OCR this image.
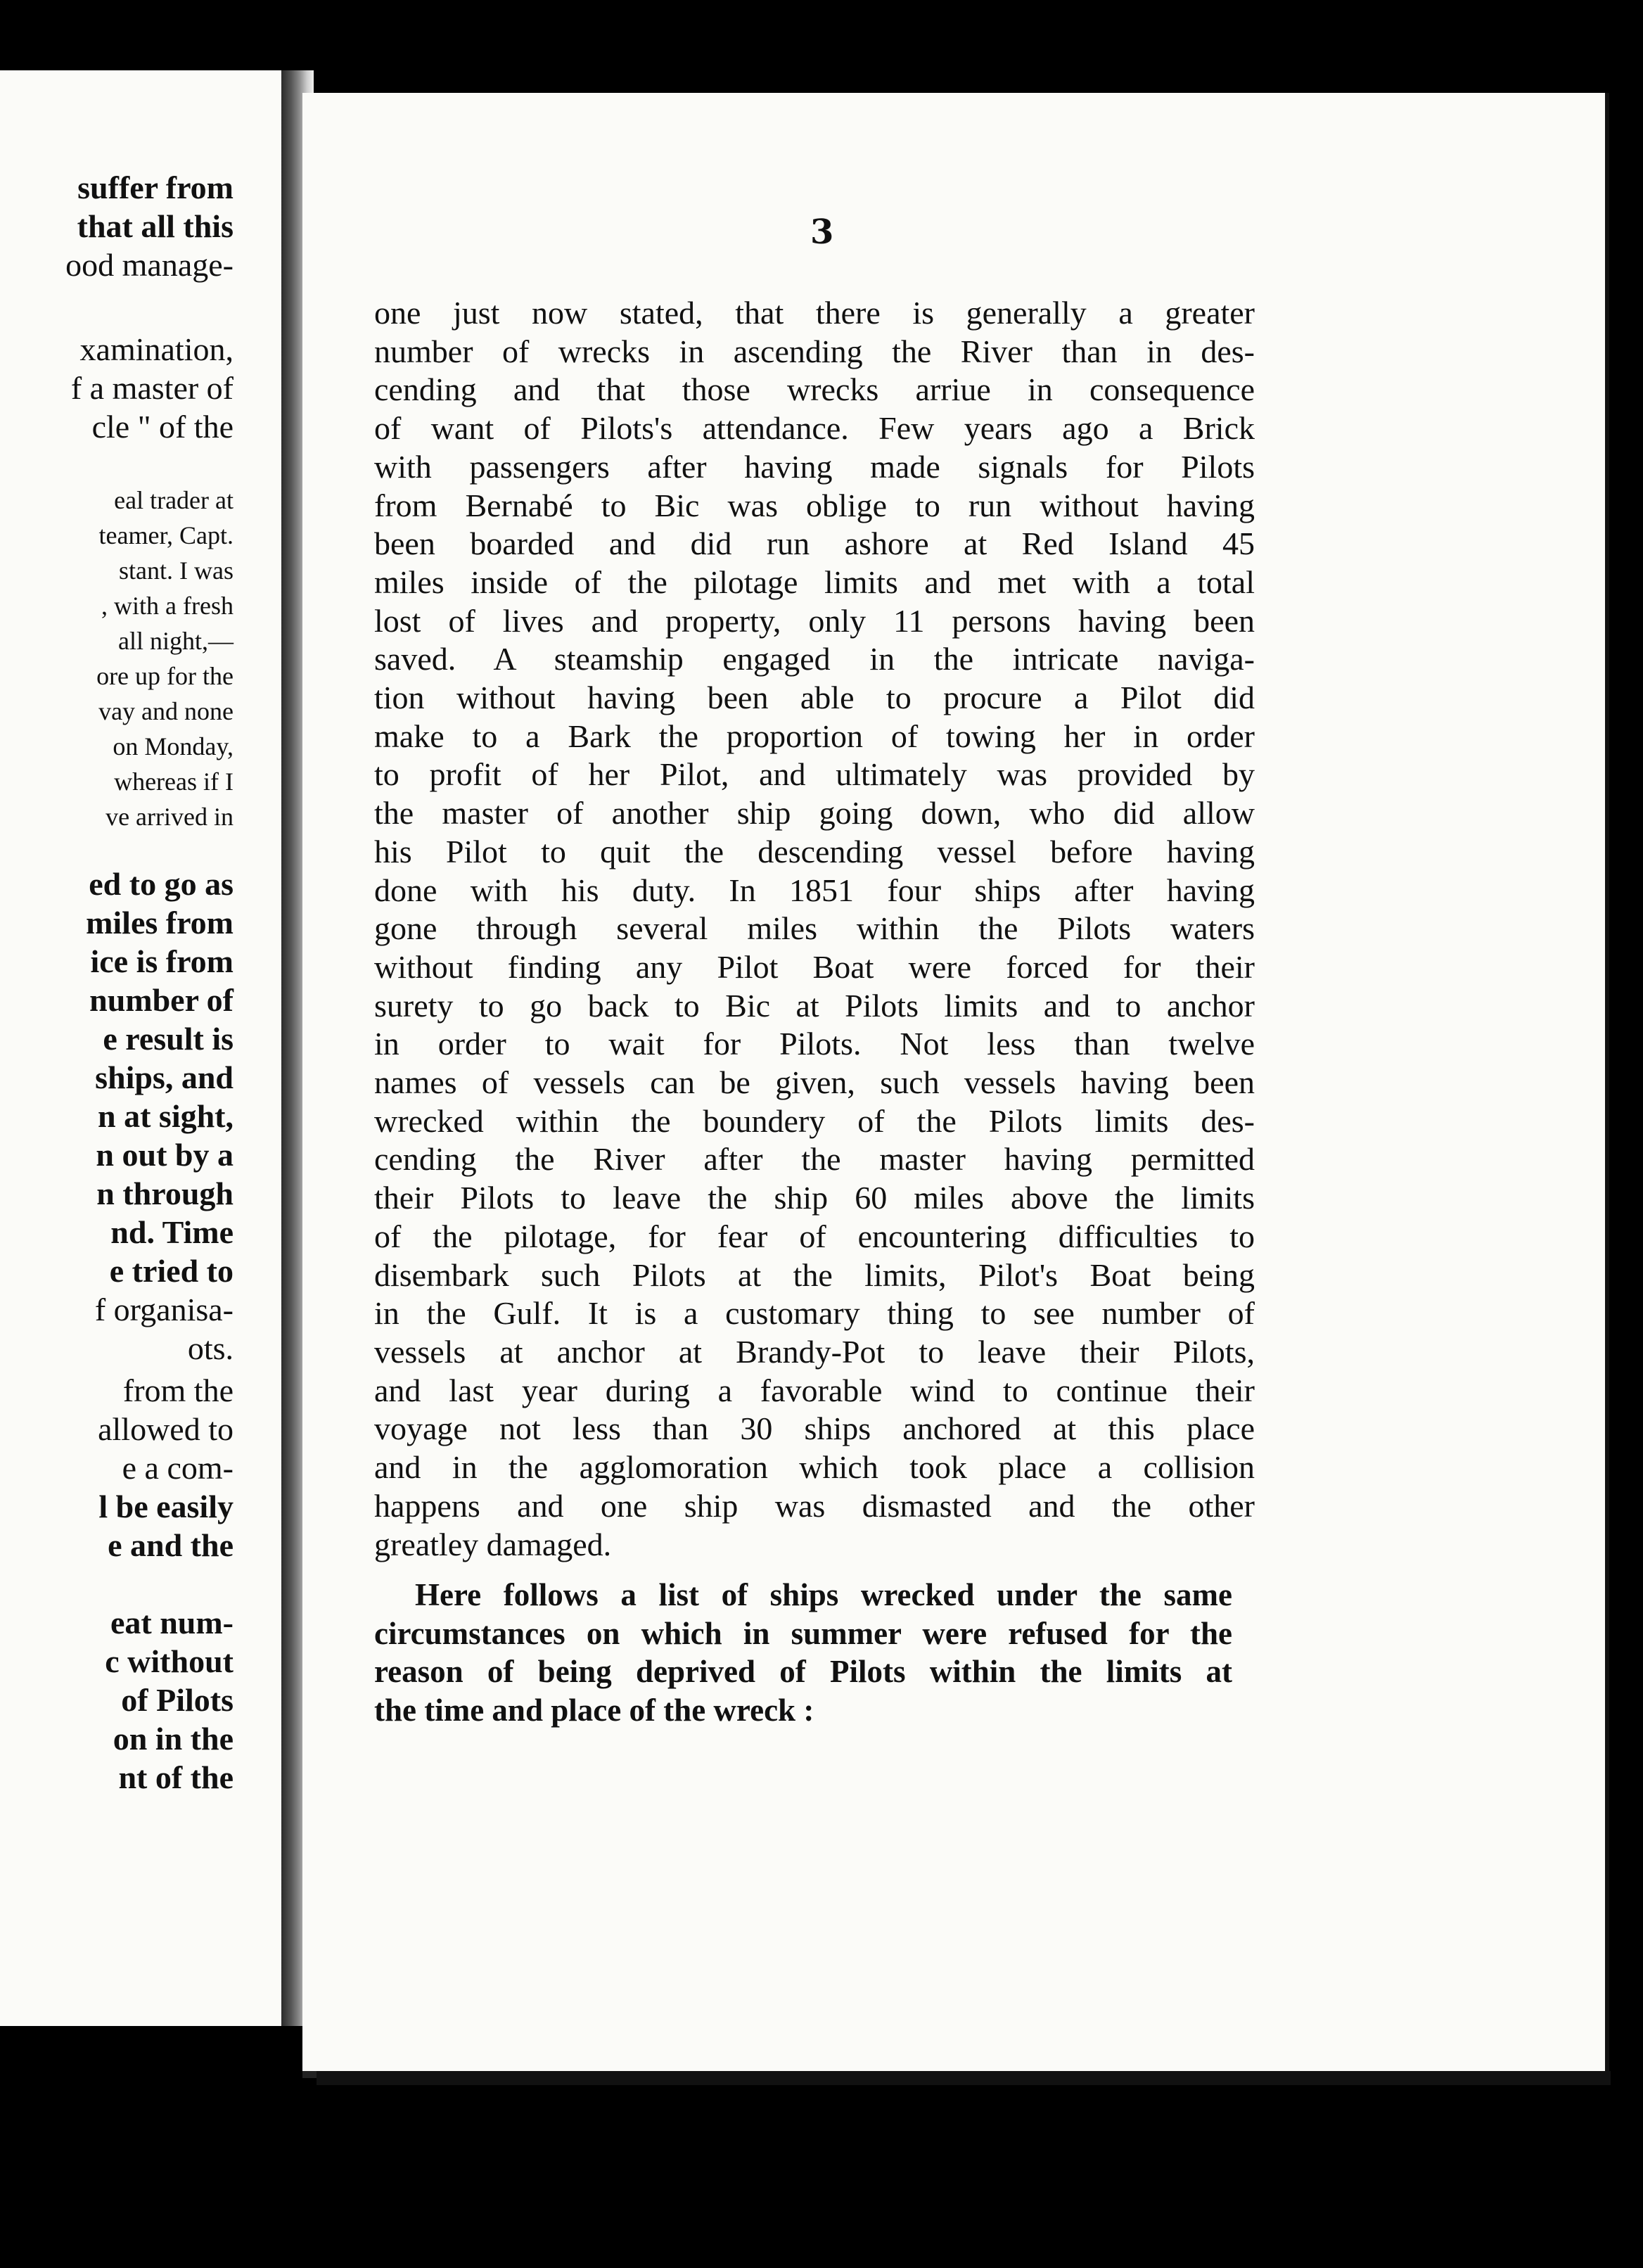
suffer from
that all this
ood manage-
xamination,
f a master of
cle " of the
eal trader at
teamer, Capt.
stant. I was
, with a fresh
all night,—
ore up for the
vay and none
on Monday,
whereas if I
ve arrived in
ed to go as
miles from
ice is from
number of
e result is
ships, and
n at sight,
n out by a
n through
nd. Time
e tried to
f organisa-
ots.
from the
allowed to
e a com-
l be easily
e and the
eat num-
c without
of Pilots
on in the
nt of the
3
one just now stated, that there is generally a greater
number of wrecks in ascending the River than in des-
cending and that those wrecks arriue in consequence
of want of Pilots's attendance. Few years ago a Brick
with passengers after having made signals for Pilots
from Bernabé to Bic was oblige to run without having
been boarded and did run ashore at Red Island 45
miles inside of the pilotage limits and met with a total
lost of lives and property, only 11 persons having been
saved. A steamship engaged in the intricate naviga-
tion without having been able to procure a Pilot did
make to a Bark the proportion of towing her in order
to profit of her Pilot, and ultimately was provided by
the master of another ship going down, who did allow
his Pilot to quit the descending vessel before having
done with his duty. In 1851 four ships after having
gone through several miles within the Pilots waters
without finding any Pilot Boat were forced for their
surety to go back to Bic at Pilots limits and to anchor
in order to wait for Pilots. Not less than twelve
names of vessels can be given, such vessels having been
wrecked within the boundery of the Pilots limits des-
cending the River after the master having permitted
their Pilots to leave the ship 60 miles above the limits
of the pilotage, for fear of encountering difficulties to
disembark such Pilots at the limits, Pilot's Boat being
in the Gulf. It is a customary thing to see number of
vessels at anchor at Brandy-Pot to leave their Pilots,
and last year during a favorable wind to continue their
voyage not less than 30 ships anchored at this place
and in the agglomoration which took place a collision
happens and one ship was dismasted and the other
greatley damaged.
Here follows a list of ships wrecked under the same
circumstances on which in summer were refused for the
reason of being deprived of Pilots within the limits at
the time and place of the wreck :
